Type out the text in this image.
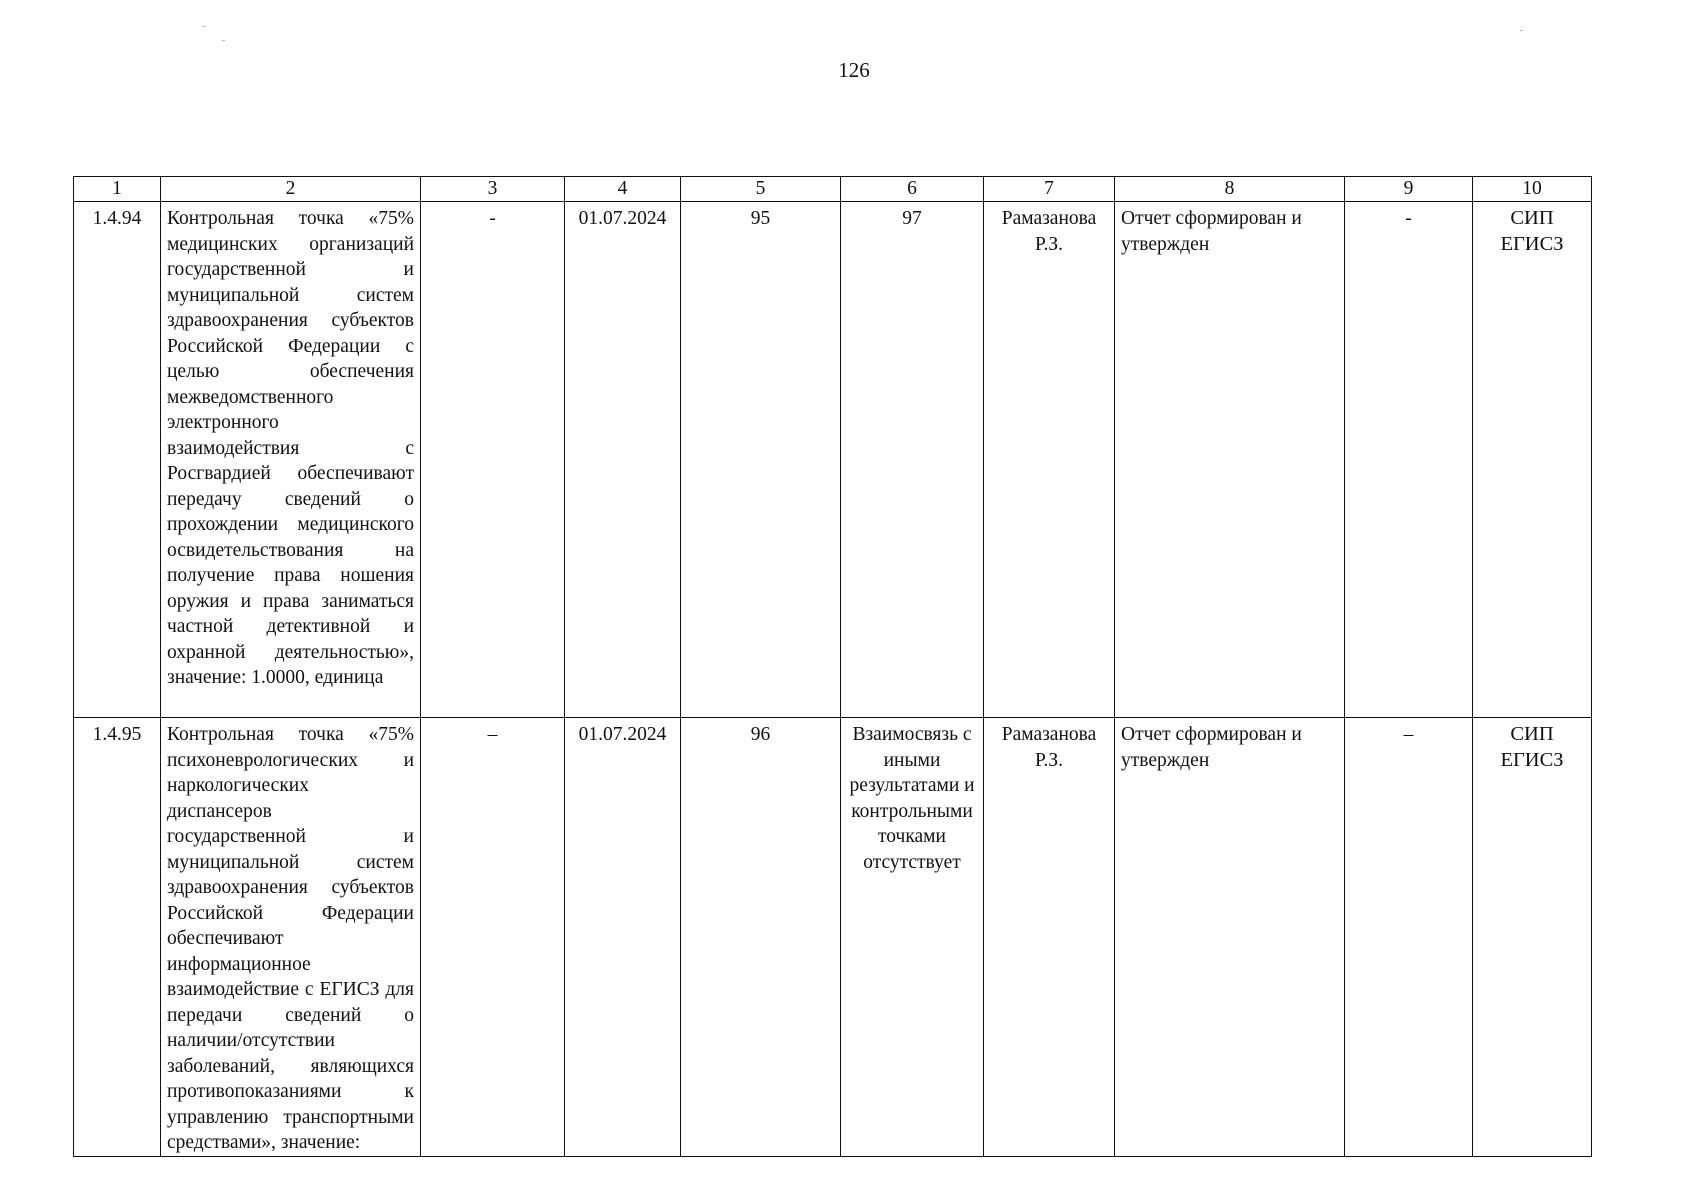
126
1	2	3	4	5	6	7	8	9	10
1.4.94	Контрольная точка «75% медицинских организаций государственной и муниципальной систем здравоохранения субъектов Российской Федерации с целью обеспечения межведомственного электронного взаимодействия с Росгвардией обеспечивают передачу сведений о прохождении медицинского освидетельствования на получение права ношения оружия и права заниматься частной детективной и охранной деятельностью», значение: 1.0000, единица	-	01.07.2024	95	97	Рамазанова Р.З.	Отчет сформирован и утвержден	-	СИП ЕГИСЗ
1.4.95	Контрольная точка «75% психоневрологических и наркологических диспансеров государственной и муниципальной систем здравоохранения субъектов Российской Федерации обеспечивают информационное взаимодействие с ЕГИСЗ для передачи сведений о наличии/отсутствии заболеваний, являющихся противопоказаниями к управлению транспортными средствами», значение:	–	01.07.2024	96	Взаимосвязь с иными результатами и контрольными точками отсутствует	Рамазанова Р.З.	Отчет сформирован и утвержден	–	СИП ЕГИСЗ
